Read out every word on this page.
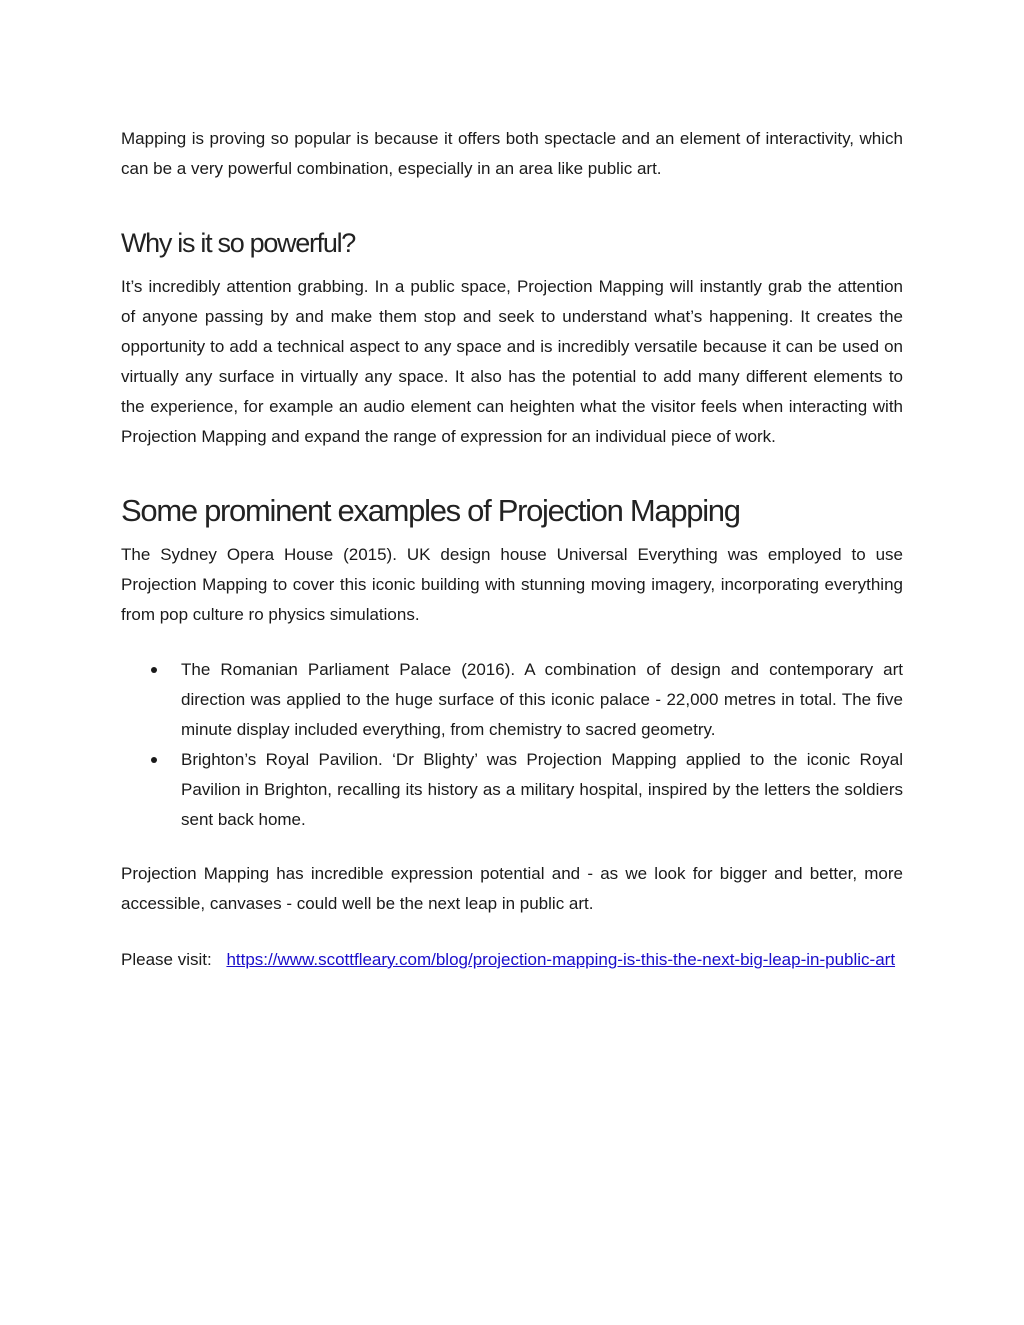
Mapping is proving so popular is because it offers both spectacle and an element of interactivity, which can be a very powerful combination, especially in an area like public art.

Why is it so powerful?

It’s incredibly attention grabbing. In a public space, Projection Mapping will instantly grab the attention of anyone passing by and make them stop and seek to understand what’s happening. It creates the opportunity to add a technical aspect to any space and is incredibly versatile because it can be used on virtually any surface in virtually any space. It also has the potential to add many different elements to the experience, for example an audio element can heighten what the visitor feels when interacting with Projection Mapping and expand the range of expression for an individual piece of work.

Some prominent examples of Projection Mapping

The Sydney Opera House (2015). UK design house Universal Everything was employed to use Projection Mapping to cover this iconic building with stunning moving imagery, incorporating everything from pop culture ro physics simulations.

The Romanian Parliament Palace (2016). A combination of design and contemporary art direction was applied to the huge surface of this iconic palace - 22,000 metres in total. The five minute display included everything, from chemistry to sacred geometry.
Brighton’s Royal Pavilion. ‘Dr Blighty’ was Projection Mapping applied to the iconic Royal Pavilion in Brighton, recalling its history as a military hospital, inspired by the letters the soldiers sent back home.

Projection Mapping has incredible expression potential and - as we look for bigger and better, more accessible, canvases - could well be the next leap in public art.

Please visit: https://www.scottfleary.com/blog/projection-mapping-is-this-the-next-big-leap-in-public-art
